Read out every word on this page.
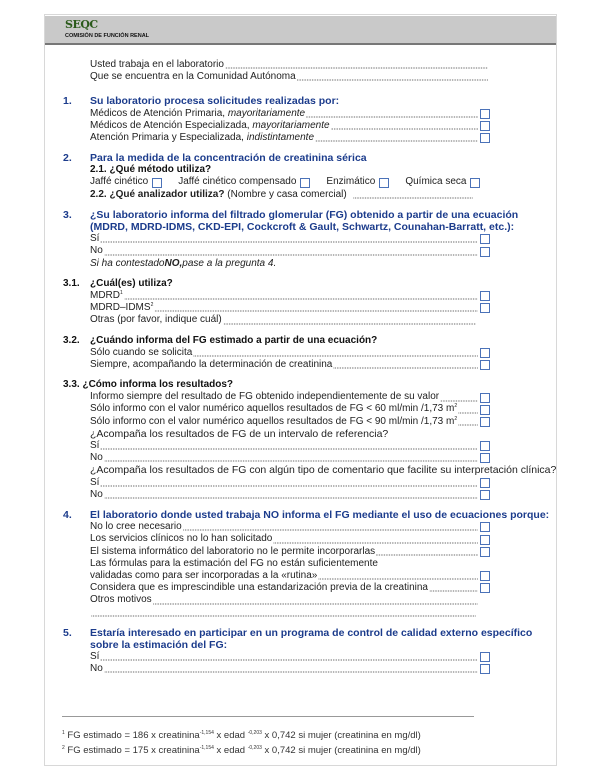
SEQC
COMISIÓN DE FUNCIÓN RENAL
Usted trabaja en el laboratorio
Que se encuentra en la Comunidad Autónoma
1. Su laboratorio procesa solicitudes realizadas por:
Médicos de Atención Primaria, mayoritariamente
Médicos de Atención Especializada, mayoritariamente
Atención Primaria y Especializada, indistintamente
2. Para la medida de la concentración de creatinina sérica
2.1. ¿Qué método utiliza?
Jaffé cinético	Jaffé cinético compensado	Enzimático	Química seca
2.2. ¿Qué analizador utiliza? (Nombre y casa comercial)
3. ¿Su laboratorio informa del filtrado glomerular (FG) obtenido a partir de una ecuación
(MDRD, MDRD-IDMS, CKD-EPI, Cockcroft & Gault, Schwartz, Counahan-Barratt, etc.):
Sí
No
Si ha contestado NO, pase a la pregunta 4.
3.1. ¿Cuál(es) utiliza?
MDRD$^1$
MDRD–IDMS$^2$
Otras (por favor, indique cuál)
3.2. ¿Cuándo informa del FG estimado a partir de una ecuación?
Sólo cuando se solicita
Siempre, acompañando la determinación de creatinina
3.3. ¿Cómo informa los resultados?
Informo siempre del resultado de FG obtenido independientemente de su valor
Sólo informo con el valor numérico aquellos resultados de FG < 60 ml/min /1,73 $m^2$
Sólo informo con el valor numérico aquellos resultados de FG < 90 ml/min /1,73 $m^2$
¿Acompaña los resultados de FG de un intervalo de referencia?
Sí
No
¿Acompaña los resultados de FG con algún tipo de comentario que facilite su interpretación clínica?
Sí
No
4. El laboratorio donde usted trabaja NO informa el FG mediante el uso de ecuaciones porque:
No lo cree necesario
Los servicios clínicos no lo han solicitado
El sistema informático del laboratorio no le permite incorporarlas
Las fórmulas para la estimación del FG no están suficientemente
validadas como para ser incorporadas a la «rutina»
Considera que es imprescindible una estandarización previa de la creatinina
Otros motivos
5. Estaría interesado en participar en un programa de control de calidad externo específico
sobre la estimación del FG:
Sí
No
$^1$ FG estimado = 186 x creatinina$^{-1,154}$ x edad $^{-0,203}$ x 0,742 si mujer (creatinina en mg/dl)
$^2$ FG estimado = 175 x creatinina$^{-1,154}$ x edad $^{-0,203}$ x 0,742 si mujer (creatinina en mg/dl)
